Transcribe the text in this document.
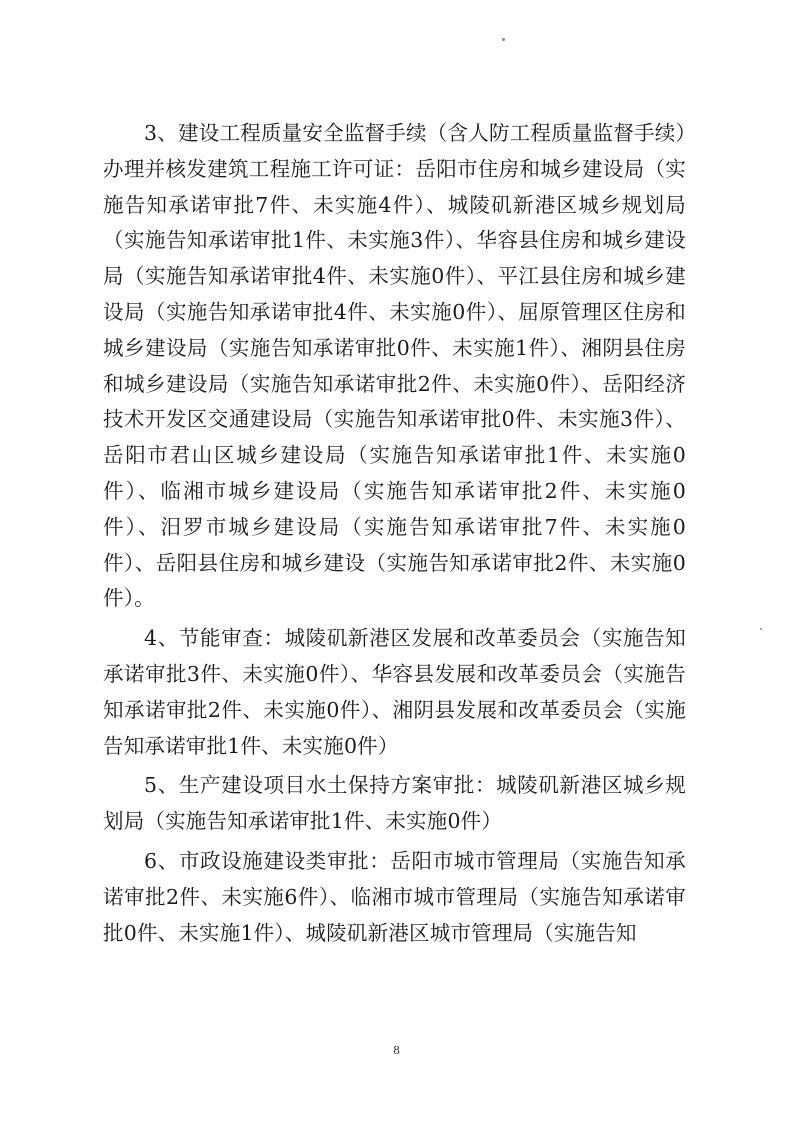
3、建设工程质量安全监督手续（含人防工程质量监督手续）办理并核发建筑工程施工许可证：岳阳市住房和城乡建设局（实施告知承诺审批7件、未实施4件）、城陵矶新港区城乡规划局（实施告知承诺审批1件、未实施3件）、华容县住房和城乡建设局（实施告知承诺审批4件、未实施0件）、平江县住房和城乡建设局（实施告知承诺审批4件、未实施0件）、屈原管理区住房和城乡建设局（实施告知承诺审批0件、未实施1件）、湘阴县住房和城乡建设局（实施告知承诺审批2件、未实施0件）、岳阳经济技术开发区交通建设局（实施告知承诺审批0件、未实施3件）、岳阳市君山区城乡建设局（实施告知承诺审批1件、未实施0件）、临湘市城乡建设局（实施告知承诺审批2件、未实施0件）、汨罗市城乡建设局（实施告知承诺审批7件、未实施0件）、岳阳县住房和城乡建设（实施告知承诺审批2件、未实施0件）。

4、节能审查：城陵矶新港区发展和改革委员会（实施告知承诺审批3件、未实施0件）、华容县发展和改革委员会（实施告知承诺审批2件、未实施0件）、湘阴县发展和改革委员会（实施告知承诺审批1件、未实施0件）

5、生产建设项目水土保持方案审批：城陵矶新港区城乡规划局（实施告知承诺审批1件、未实施0件）

6、市政设施建设类审批：岳阳市城市管理局（实施告知承诺审批2件、未实施6件）、临湘市城市管理局（实施告知承诺审批0件、未实施1件）、城陵矶新港区城市管理局（实施告知

8
